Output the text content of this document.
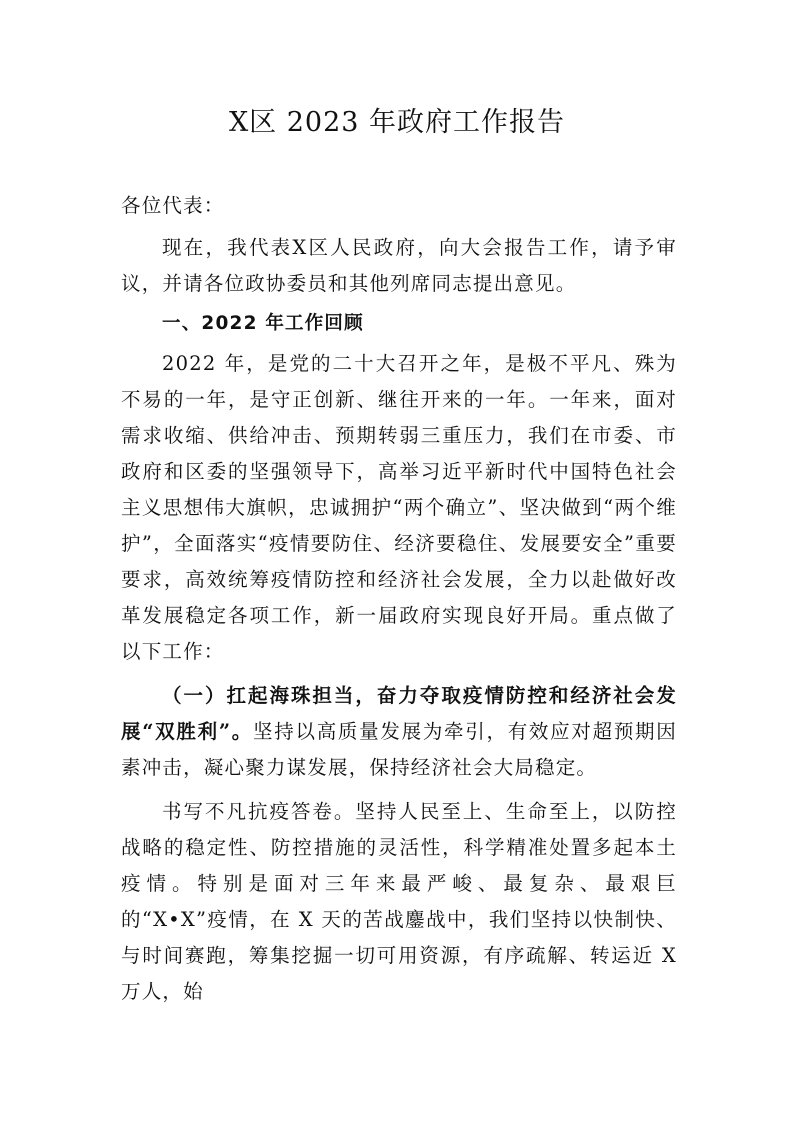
X区 2023 年政府工作报告

各位代表：

现在，我代表X区人民政府，向大会报告工作，请予审议，并请各位政协委员和其他列席同志提出意见。

一、2022 年工作回顾

2022 年，是党的二十大召开之年，是极不平凡、殊为不易的一年，是守正创新、继往开来的一年。一年来，面对需求收缩、供给冲击、预期转弱三重压力，我们在市委、市政府和区委的坚强领导下，高举习近平新时代中国特色社会主义思想伟大旗帜，忠诚拥护“两个确立”、坚决做到“两个维护”，全面落实“疫情要防住、经济要稳住、发展要安全”重要要求，高效统筹疫情防控和经济社会发展，全力以赴做好改革发展稳定各项工作，新一届政府实现良好开局。重点做了以下工作：

（一）扛起海珠担当，奋力夺取疫情防控和经济社会发展“双胜利”。坚持以高质量发展为牵引，有效应对超预期因素冲击，凝心聚力谋发展，保持经济社会大局稳定。

书写不凡抗疫答卷。坚持人民至上、生命至上，以防控战略的稳定性、防控措施的灵活性，科学精准处置多起本土疫情。特别是面对三年来最严峻、最复杂、最艰巨的“X•X”疫情，在 X 天的苦战鏖战中，我们坚持以快制快、与时间赛跑，筹集挖掘一切可用资源，有序疏解、转运近 X 万人，始
